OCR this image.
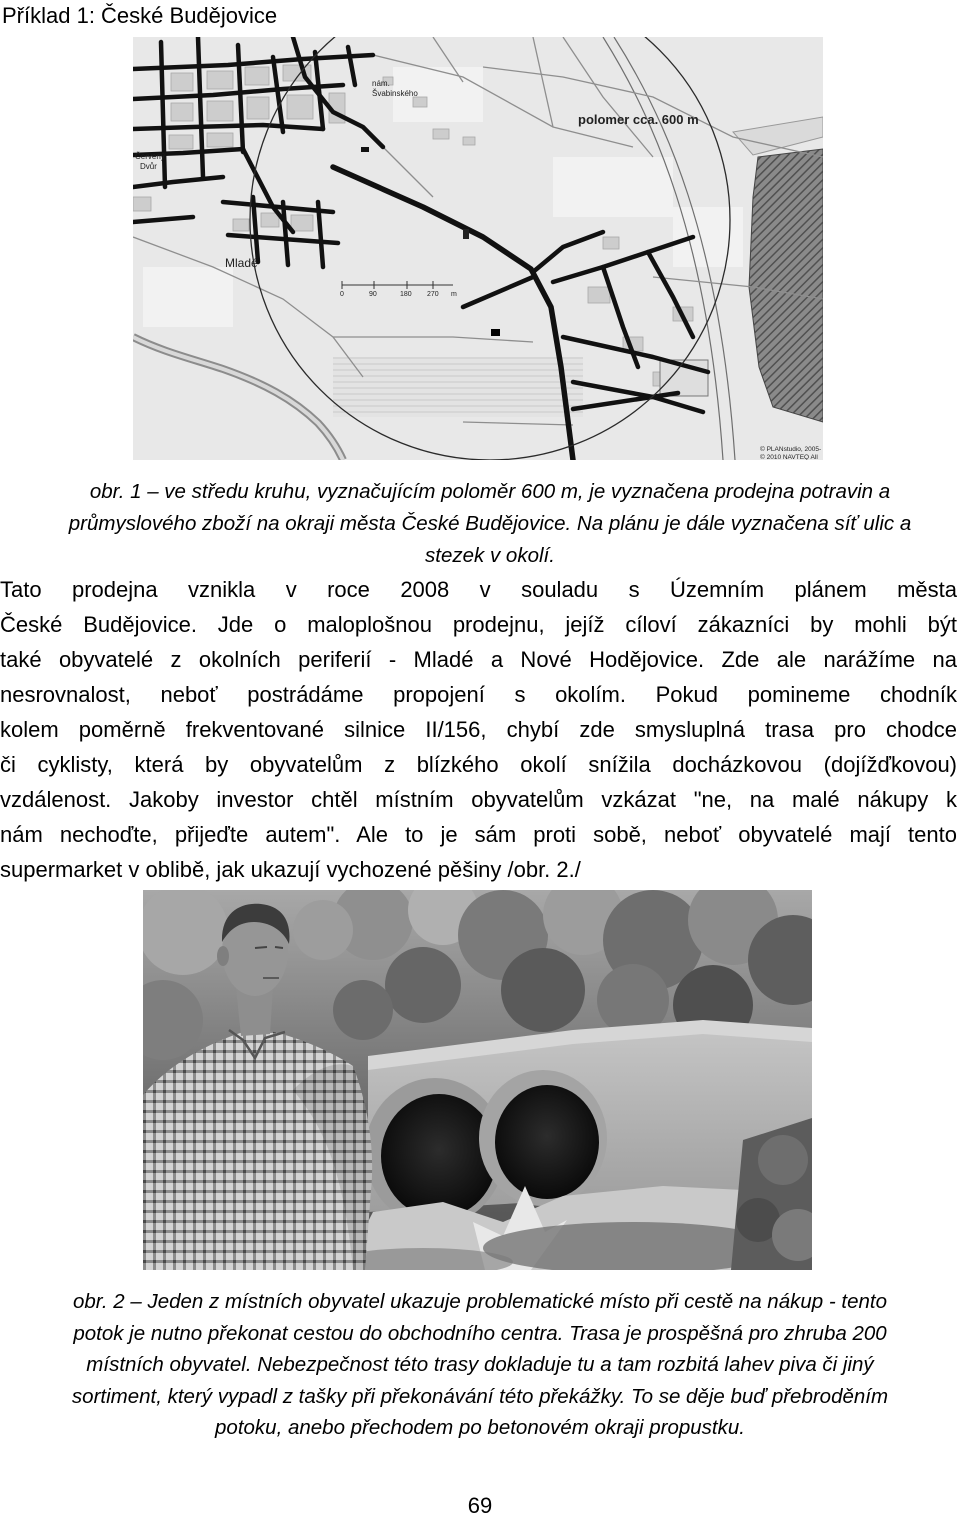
Příklad 1: České Budějovice
0	90	180 270 m
nám.
Švabinského
Červený
Dvůr
Mladé
polomer cca. 600 m
© PLANstudio, 2005-
© 2010 NAVTEQ All
obr. 1 – ve středu kruhu, vyznačujícím poloměr 600 m, je vyznačena prodejna potravin a
průmyslového zboží na okraji města České Budějovice. Na plánu je dále vyznačena síť ulic a
stezek v okolí.
Tato prodejna vznikla v roce 2008 v souladu s Územním plánem města
České Budějovice. Jde o maloplošnou prodejnu, jejíž cíloví zákazníci by mohli být
také obyvatelé z okolních periferií - Mladé a Nové Hodějovice. Zde ale narážíme na
nesrovnalost, neboť postrádáme propojení s okolím. Pokud pomineme chodník
kolem poměrně frekventované silnice II/156, chybí zde smysluplná trasa pro chodce
či cyklisty, která by obyvatelům z blízkého okolí snížila docházkovou (dojížďkovou)
vzdálenost. Jakoby investor chtěl místním obyvatelům vzkázat "ne, na malé nákupy k
nám nechoďte, přijeďte autem". Ale to je sám proti sobě, neboť obyvatelé mají tento
supermarket v oblibě, jak ukazují vychozené pěšiny /obr. 2./
obr. 2 – Jeden z místních obyvatel ukazuje problematické místo při cestě na nákup - tento
potok je nutno překonat cestou do obchodního centra. Trasa je prospěšná pro zhruba 200
místních obyvatel. Nebezpečnost této trasy dokladuje tu a tam rozbitá lahev piva či jiný
sortiment, který vypadl z tašky při překonávání této překážky. To se děje buď přebroděním
potoku, anebo přechodem po betonovém okraji propustku.
69
